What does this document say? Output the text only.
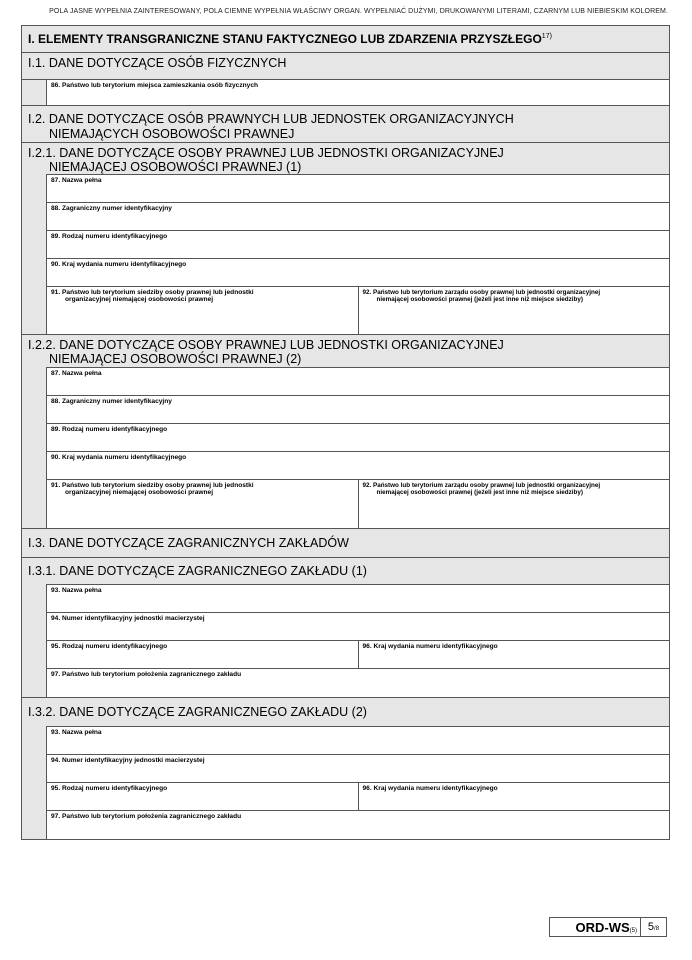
POLA JASNE WYPEŁNIA ZAINTERESOWANY, POLA CIEMNE WYPEŁNIA WŁAŚCIWY ORGAN. WYPEŁNIAĆ DUŻYMI, DRUKOWANYMI LITERAMI, CZARNYM LUB NIEBIESKIM KOLOREM.
I. ELEMENTY TRANSGRANICZNE STANU FAKTYCZNEGO LUB ZDARZENIA PRZYSZŁEGO$^{17)}$
I.1. DANE DOTYCZĄCE OSÓB FIZYCZNYCH
86. Państwo lub terytorium miejsca zamieszkania osób fizycznych
I.2. DANE DOTYCZĄCE OSÓB PRAWNYCH LUB JEDNOSTEK ORGANIZACYJNYCH
NIEMAJĄCYCH OSOBOWOŚCI PRAWNEJ
I.2.1. DANE DOTYCZĄCE OSOBY PRAWNEJ LUB JEDNOSTKI ORGANIZACYJNEJ
NIEMAJĄCEJ OSOBOWOŚCI PRAWNEJ (1)
87. Nazwa pełna
88. Zagraniczny numer identyfikacyjny
89. Rodzaj numeru identyfikacyjnego
90. Kraj wydania numeru identyfikacyjnego
91. Państwo lub terytorium siedziby osoby prawnej lub jednostki
organizacyjnej niemającej osobowości prawnej
92. Państwo lub terytorium zarządu osoby prawnej lub jednostki organizacyjnej
niemającej osobowości prawnej (jeżeli jest inne niż miejsce siedziby)
I.2.2. DANE DOTYCZĄCE OSOBY PRAWNEJ LUB JEDNOSTKI ORGANIZACYJNEJ
NIEMAJĄCEJ OSOBOWOŚCI PRAWNEJ (2)
87. Nazwa pełna
88. Zagraniczny numer identyfikacyjny
89. Rodzaj numeru identyfikacyjnego
90. Kraj wydania numeru identyfikacyjnego
91. Państwo lub terytorium siedziby osoby prawnej lub jednostki
organizacyjnej niemającej osobowości prawnej
92. Państwo lub terytorium zarządu osoby prawnej lub jednostki organizacyjnej
niemającej osobowości prawnej (jeżeli jest inne niż miejsce siedziby)
I.3. DANE DOTYCZĄCE ZAGRANICZNYCH ZAKŁADÓW
I.3.1. DANE DOTYCZĄCE ZAGRANICZNEGO ZAKŁADU (1)
93. Nazwa pełna
94. Numer identyfikacyjny jednostki macierzystej
95. Rodzaj numeru identyfikacyjnego	96. Kraj wydania numeru identyfikacyjnego
97. Państwo lub terytorium położenia zagranicznego zakładu
I.3.2. DANE DOTYCZĄCE ZAGRANICZNEGO ZAKŁADU (2)
93. Nazwa pełna
94. Numer identyfikacyjny jednostki macierzystej
95. Rodzaj numeru identyfikacyjnego	96. Kraj wydania numeru identyfikacyjnego
97. Państwo lub terytorium położenia zagranicznego zakładu
ORD-WS(5) 5/8
